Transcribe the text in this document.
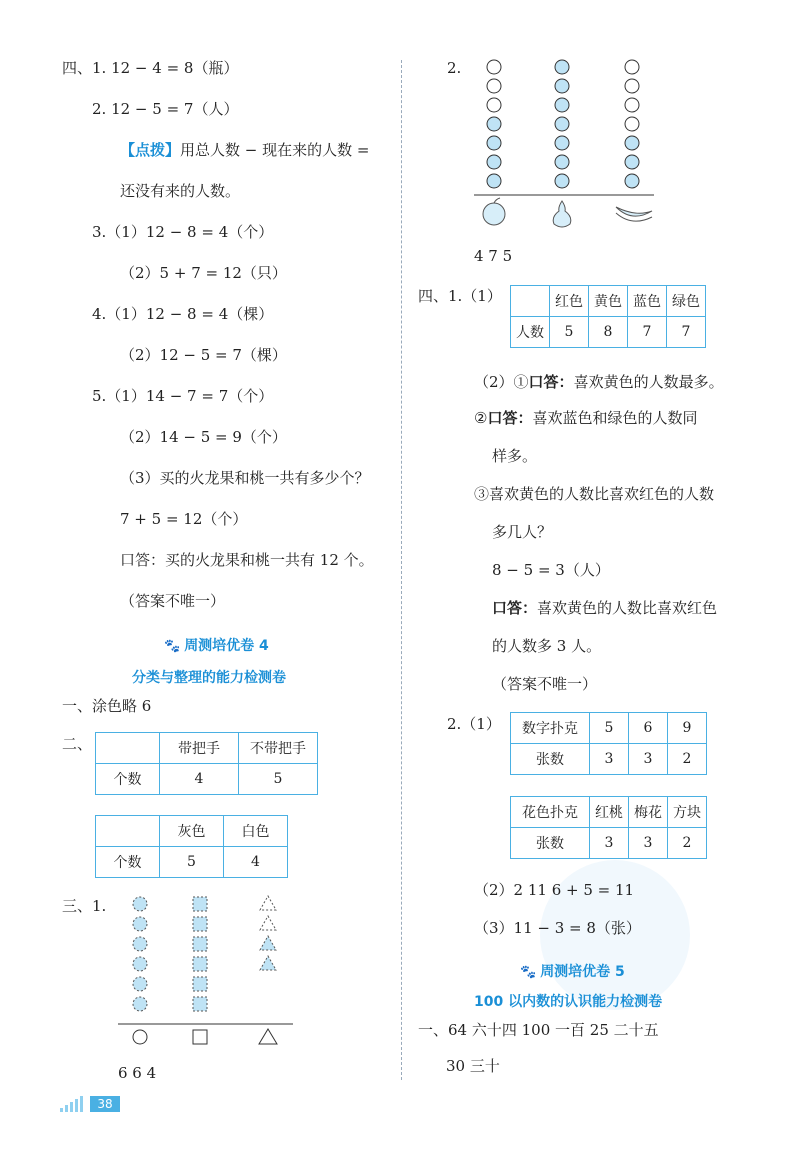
四、1. 12 − 4 = 8（瓶）
2. 12 − 5 = 7（人）
【点拨】用总人数 − 现在来的人数 =
还没有来的人数。
3.（1）12 − 8 = 4（个）
（2）5 + 7 = 12（只）
4.（1）12 − 8 = 4（棵）
（2）12 − 5 = 7（棵）
5.（1）14 − 7 = 7（个）
（2）14 − 5 = 9（个）
（3）买的火龙果和桃一共有多少个？
7 + 5 = 12（个）
口答：买的火龙果和桃一共有 12 个。
（答案不唯一）
🐾 周测培优卷 4
分类与整理的能力检测卷
一、涂色略 6
二、
		带把手	不带把手
个数	4	5
	灰色	白色
个数	5	4
三、1.
6 6 4
38
2.
4 7 5
四、1.（1）
		红色	黄色	蓝色	绿色
人数	5	8	7	7
（2）①口答：喜欢黄色的人数最多。
②口答：喜欢蓝色和绿色的人数同
样多。
③喜欢黄色的人数比喜欢红色的人数
多几人？
8 − 5 = 3（人）
口答：喜欢黄色的人数比喜欢红色
的人数多 3 人。
（答案不唯一）
2.（1） 数字扑克	5	6	9
张数	3	3	2
花色扑克	红桃	梅花	方块
张数	3	3	2
（2）2 11 6 + 5 = 11
（3）11 − 3 = 8（张）
🐾 周测培优卷 5
100 以内数的认识能力检测卷
一、64 六十四 100 一百 25 二十五
30 三十
